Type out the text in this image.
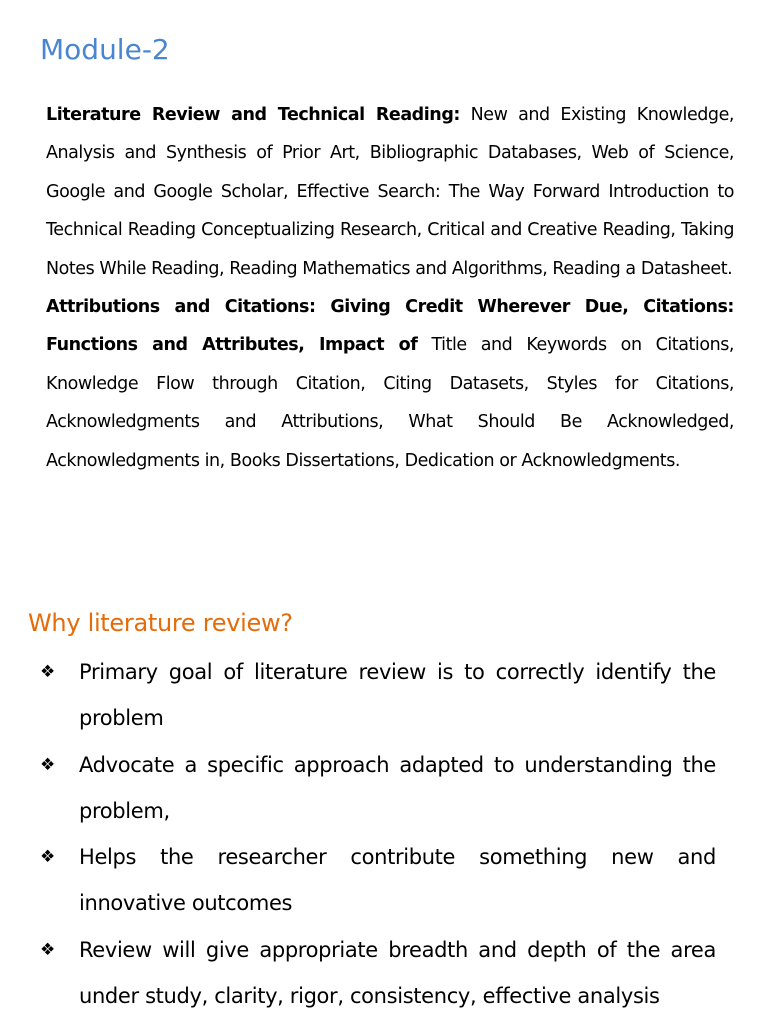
Module-2

Literature Review and Technical Reading: New and Existing Knowledge, Analysis and Synthesis of Prior Art, Bibliographic Databases, Web of Science, Google and Google Scholar, Effective Search: The Way Forward Introduction to Technical Reading Conceptualizing Research, Critical and Creative Reading, Taking Notes While Reading, Reading Mathematics and Algorithms, Reading a Datasheet.

Attributions and Citations: Giving Credit Wherever Due, Citations: Functions and Attributes, Impact of Title and Keywords on Citations, Knowledge Flow through Citation, Citing Datasets, Styles for Citations, Acknowledgments and Attributions, What Should Be Acknowledged, Acknowledgments in, Books Dissertations, Dedication or Acknowledgments.

Why literature review?
❖	Primary goal of literature review is to correctly identify the problem
❖	Advocate a specific approach adapted to understanding the problem,
❖	Helps the researcher contribute something new and innovative outcomes
❖	Review will give appropriate breadth and depth of the area under study, clarity, rigor, consistency, effective analysis
